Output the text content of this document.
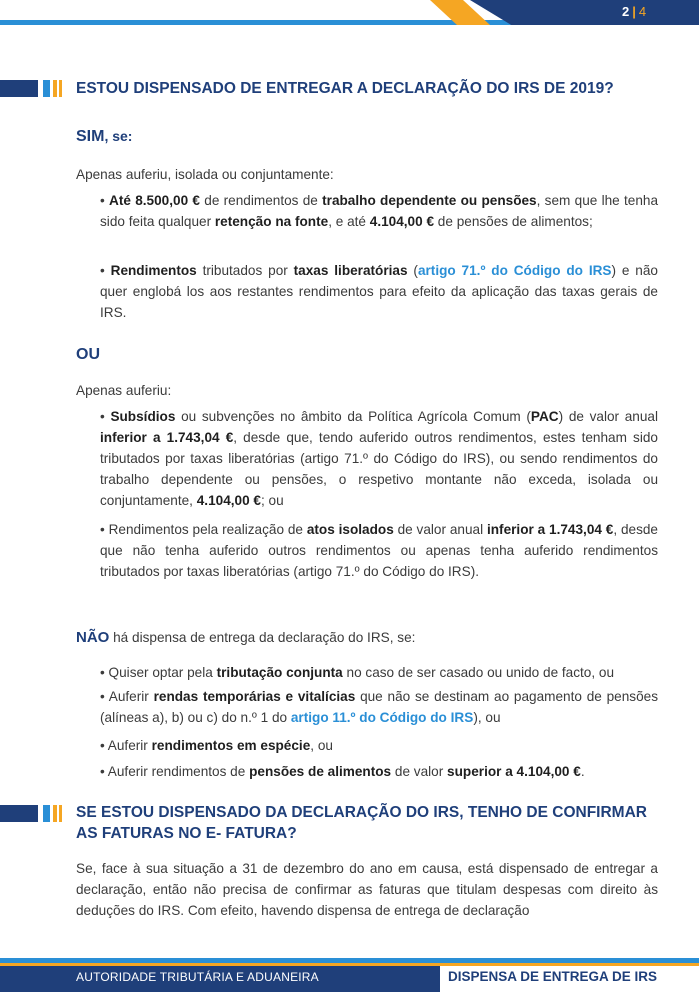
2 | 4
ESTOU DISPENSADO DE ENTREGAR A DECLARAÇÃO DO IRS DE 2019?

SIM, se:

Apenas auferiu, isolada ou conjuntamente:

• Até 8.500,00 € de rendimentos de trabalho dependente ou pensões, sem que lhe tenha sido feita qualquer retenção na fonte, e até 4.104,00 € de pensões de alimentos;

• Rendimentos tributados por taxas liberatórias (artigo 71.º do Código do IRS) e não quer englobá los aos restantes rendimentos para efeito da aplicação das taxas gerais de IRS.

OU

Apenas auferiu:

• Subsídios ou subvenções no âmbito da Política Agrícola Comum (PAC) de valor anual inferior a 1.743,04 €, desde que, tendo auferido outros rendimentos, estes tenham sido tributados por taxas liberatórias (artigo 71.º do Código do IRS), ou sendo rendimentos do trabalho dependente ou pensões, o respetivo montante não exceda, isolada ou conjuntamente, 4.104,00 €; ou

• Rendimentos pela realização de atos isolados de valor anual inferior a 1.743,04 €, desde que não tenha auferido outros rendimentos ou apenas tenha auferido rendimentos tributados por taxas liberatórias (artigo 71.º do Código do IRS).

NÃO há dispensa de entrega da declaração do IRS, se:

• Quiser optar pela tributação conjunta no caso de ser casado ou unido de facto, ou

• Auferir rendas temporárias e vitalícias que não se destinam ao pagamento de pensões (alíneas a), b) ou c) do n.º 1 do artigo 11.º do Código do IRS), ou

• Auferir rendimentos em espécie, ou

• Auferir rendimentos de pensões de alimentos de valor superior a 4.104,00 €.

SE ESTOU DISPENSADO DA DECLARAÇÃO DO IRS, TENHO DE CONFIRMAR
AS FATURAS NO E- FATURA?

Se, face à sua situação a 31 de dezembro do ano em causa, está dispensado de entregar a declaração, então não precisa de confirmar as faturas que titulam despesas com direito às deduções do IRS. Com efeito, havendo dispensa de entrega de declaração

AUTORIDADE TRIBUTÁRIA E ADUANEIRA	DISPENSA DE ENTREGA DE IRS
